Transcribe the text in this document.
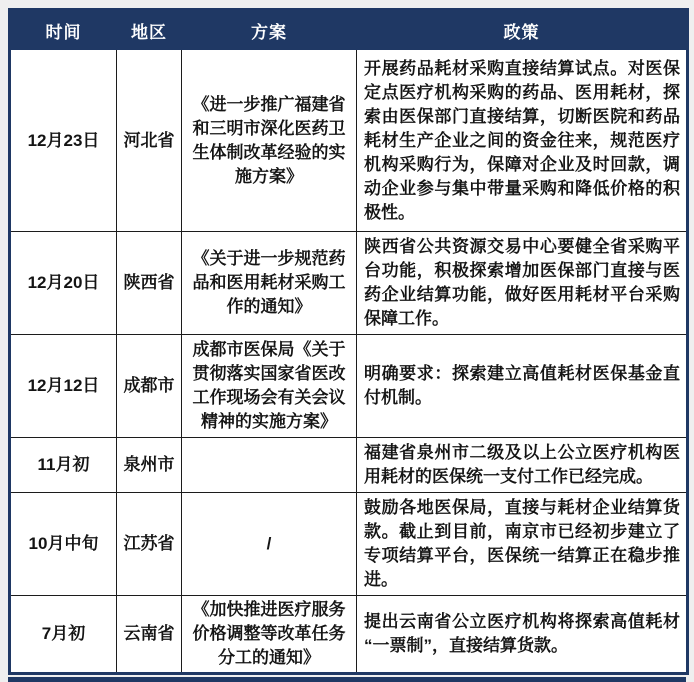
时间	地区	方案	政策
12月23日	河北省	《进一步推广福建省和三明市深化医药卫生体制改革经验的实施方案》	开展药品耗材采购直接结算试点。对医保定点医疗机构采购的药品、医用耗材，探索由医保部门直接结算，切断医院和药品耗材生产企业之间的资金往来，规范医疗机构采购行为，保障对企业及时回款，调动企业参与集中带量采购和降低价格的积极性。
12月20日	陕西省	《关于进一步规范药品和医用耗材采购工作的通知》	陕西省公共资源交易中心要健全省采购平台功能，积极探索增加医保部门直接与医药企业结算功能，做好医用耗材平台采购保障工作。
12月12日	成都市	成都市医保局《关于贯彻落实国家省医改工作现场会有关会议精神的实施方案》	明确要求：探索建立高值耗材医保基金直付机制。
11月初	泉州市		福建省泉州市二级及以上公立医疗机构医用耗材的医保统一支付工作已经完成。
10月中旬	江苏省	/	鼓励各地医保局，直接与耗材企业结算货款。截止到目前，南京市已经初步建立了专项结算平台，医保统一结算正在稳步推进。
7月初	云南省	《加快推进医疗服务价格调整等改革任务分工的通知》	提出云南省公立医疗机构将探索高值耗材“一票制”，直接结算货款。
